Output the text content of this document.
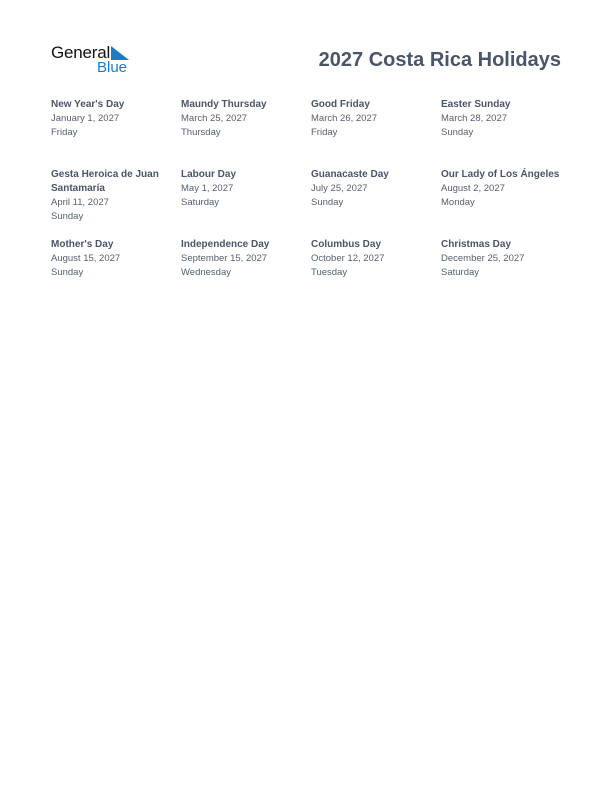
General
Blue	2027 Costa Rica Holidays
New Year's Day
January 1, 2027
Friday
Maundy Thursday
March 25, 2027
Thursday
Good Friday
March 26, 2027
Friday
Easter Sunday
March 28, 2027
Sunday
Gesta Heroica de Juan Santamaría
April 11, 2027
Sunday
Labour Day
May 1, 2027
Saturday
Guanacaste Day
July 25, 2027
Sunday
Our Lady of Los Ángeles
August 2, 2027
Monday
Mother's Day
August 15, 2027
Sunday
Independence Day
September 15, 2027
Wednesday
Columbus Day
October 12, 2027
Tuesday
Christmas Day
December 25, 2027
Saturday
